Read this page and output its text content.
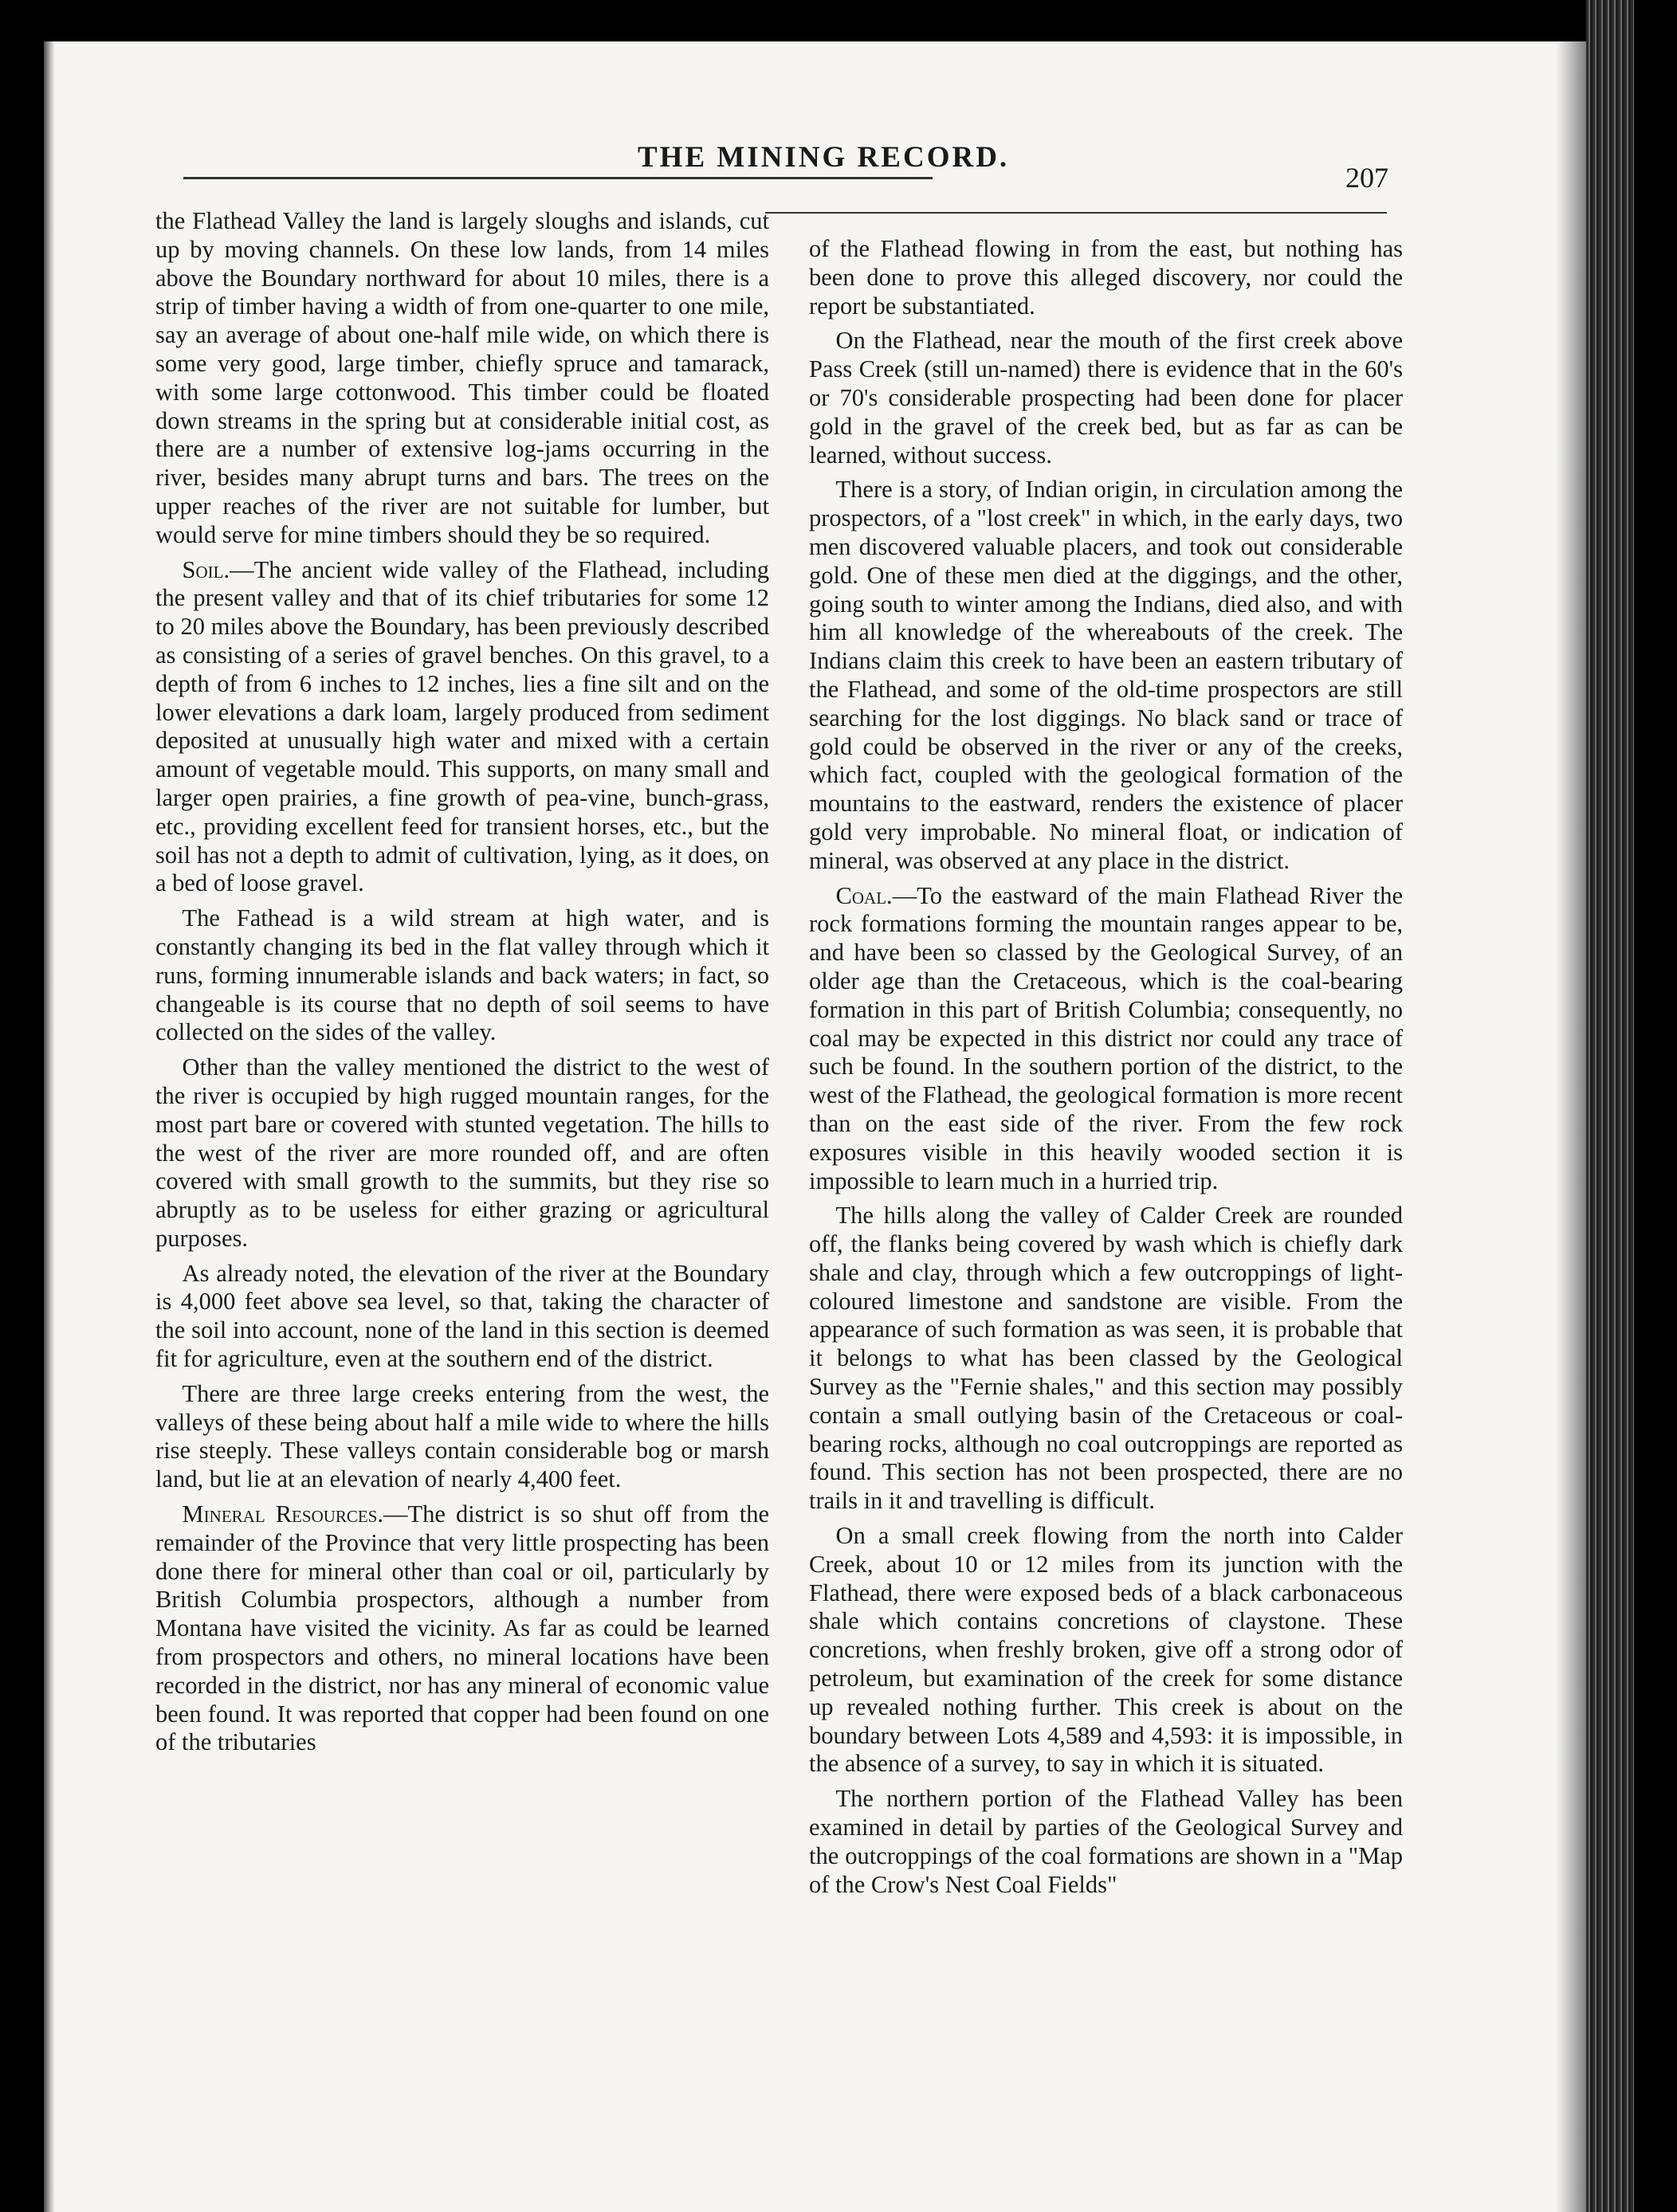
THE MINING RECORD.
207

the Flathead Valley the land is largely sloughs and islands, cut up by moving channels. On these low lands, from 14 miles above the Boundary northward for about 10 miles, there is a strip of timber having a width of from one-quarter to one mile, say an average of about one-half mile wide, on which there is some very good, large timber, chiefly spruce and tamarack, with some large cottonwood. This timber could be floated down streams in the spring but at considerable initial cost, as there are a number of extensive log-jams occurring in the river, besides many abrupt turns and bars. The trees on the upper reaches of the river are not suitable for lumber, but would serve for mine timbers should they be so required.

Soil.—The ancient wide valley of the Flathead, including the present valley and that of its chief tributaries for some 12 to 20 miles above the Boundary, has been previously described as consisting of a series of gravel benches. On this gravel, to a depth of from 6 inches to 12 inches, lies a fine silt and on the lower elevations a dark loam, largely produced from sediment deposited at unusually high water and mixed with a certain amount of vegetable mould. This supports, on many small and larger open prairies, a fine growth of pea-vine, bunch-grass, etc., providing excellent feed for transient horses, etc., but the soil has not a depth to admit of cultivation, lying, as it does, on a bed of loose gravel.

The Fathead is a wild stream at high water, and is constantly changing its bed in the flat valley through which it runs, forming innumerable islands and back waters; in fact, so changeable is its course that no depth of soil seems to have collected on the sides of the valley.

Other than the valley mentioned the district to the west of the river is occupied by high rugged mountain ranges, for the most part bare or covered with stunted vegetation. The hills to the west of the river are more rounded off, and are often covered with small growth to the summits, but they rise so abruptly as to be useless for either grazing or agricultural purposes.

As already noted, the elevation of the river at the Boundary is 4,000 feet above sea level, so that, taking the character of the soil into account, none of the land in this section is deemed fit for agriculture, even at the southern end of the district.

There are three large creeks entering from the west, the valleys of these being about half a mile wide to where the hills rise steeply. These valleys contain considerable bog or marsh land, but lie at an elevation of nearly 4,400 feet.

Mineral Resources.—The district is so shut off from the remainder of the Province that very little prospecting has been done there for mineral other than coal or oil, particularly by British Columbia prospectors, although a number from Montana have visited the vicinity. As far as could be learned from prospectors and others, no mineral locations have been recorded in the district, nor has any mineral of economic value been found. It was reported that copper had been found on one of the tributaries

of the Flathead flowing in from the east, but nothing has been done to prove this alleged discovery, nor could the report be substantiated.

On the Flathead, near the mouth of the first creek above Pass Creek (still un-named) there is evidence that in the 60's or 70's considerable prospecting had been done for placer gold in the gravel of the creek bed, but as far as can be learned, without success.

There is a story, of Indian origin, in circulation among the prospectors, of a "lost creek" in which, in the early days, two men discovered valuable placers, and took out considerable gold. One of these men died at the diggings, and the other, going south to winter among the Indians, died also, and with him all knowledge of the whereabouts of the creek. The Indians claim this creek to have been an eastern tributary of the Flathead, and some of the old-time prospectors are still searching for the lost diggings. No black sand or trace of gold could be observed in the river or any of the creeks, which fact, coupled with the geological formation of the mountains to the eastward, renders the existence of placer gold very improbable. No mineral float, or indication of mineral, was observed at any place in the district.

Coal.—To the eastward of the main Flathead River the rock formations forming the mountain ranges appear to be, and have been so classed by the Geological Survey, of an older age than the Cretaceous, which is the coal-bearing formation in this part of British Columbia; consequently, no coal may be expected in this district nor could any trace of such be found. In the southern portion of the district, to the west of the Flathead, the geological formation is more recent than on the east side of the river. From the few rock exposures visible in this heavily wooded section it is impossible to learn much in a hurried trip.

The hills along the valley of Calder Creek are rounded off, the flanks being covered by wash which is chiefly dark shale and clay, through which a few outcroppings of light-coloured limestone and sandstone are visible. From the appearance of such formation as was seen, it is probable that it belongs to what has been classed by the Geological Survey as the "Fernie shales," and this section may possibly contain a small outlying basin of the Cretaceous or coal-bearing rocks, although no coal outcroppings are reported as found. This section has not been prospected, there are no trails in it and travelling is difficult.

On a small creek flowing from the north into Calder Creek, about 10 or 12 miles from its junction with the Flathead, there were exposed beds of a black carbonaceous shale which contains concretions of claystone. These concretions, when freshly broken, give off a strong odor of petroleum, but examination of the creek for some distance up revealed nothing further. This creek is about on the boundary between Lots 4,589 and 4,593: it is impossible, in the absence of a survey, to say in which it is situated.

The northern portion of the Flathead Valley has been examined in detail by parties of the Geological Survey and the outcroppings of the coal formations are shown in a "Map of the Crow's Nest Coal Fields"
